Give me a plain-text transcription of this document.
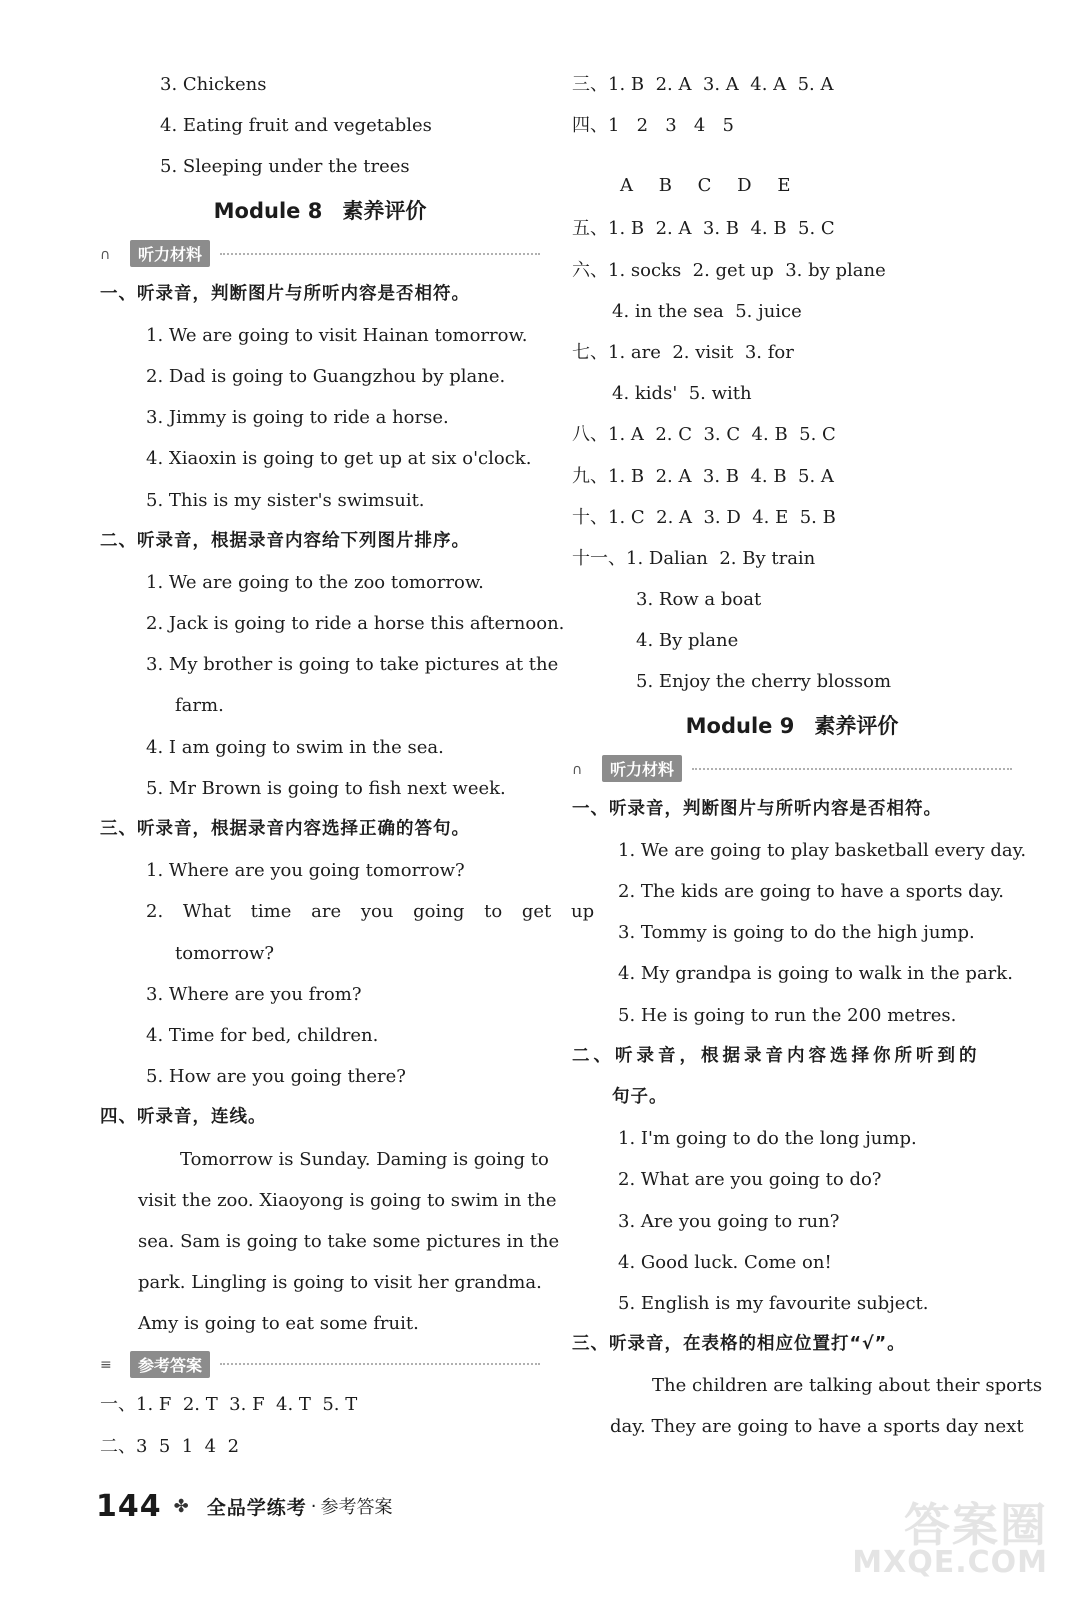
3. Chickens
4. Eating fruit and vegetables
5. Sleeping under the trees
Module 8 素养评价
∩	听力材料
一、听录音，判断图片与所听内容是否相符。
1. We are going to visit Hainan tomorrow.
2. Dad is going to Guangzhou by plane.
3. Jimmy is going to ride a horse.
4. Xiaoxin is going to get up at six o'clock.
5. This is my sister's swimsuit.
二、听录音，根据录音内容给下列图片排序。
1. We are going to the zoo tomorrow.
2. Jack is going to ride a horse this afternoon.
3. My brother is going to take pictures at the
farm.
4. I am going to swim in the sea.
5. Mr Brown is going to fish next week.
三、听录音，根据录音内容选择正确的答句。
1. Where are you going tomorrow?
2. What time are you going to get up
tomorrow?
3. Where are you from?
4. Time for bed, children.
5. How are you going there?
四、听录音，连线。
Tomorrow is Sunday. Daming is going to
visit the zoo. Xiaoyong is going to swim in the
sea. Sam is going to take some pictures in the
park. Lingling is going to visit her grandma.
Amy is going to eat some fruit.
≡	参考答案
一、1. F  2. T  3. F  4. T  5. T
二、3  5  1  4  2
三、1. B  2. A  3. A  4. A  5. A
四、1   2   3   4   5
A B C D E
五、1. B  2. A  3. B  4. B  5. C
六、1. socks  2. get up  3. by plane
4. in the sea  5. juice
七、1. are  2. visit  3. for
4. kids'  5. with
八、1. A  2. C  3. C  4. B  5. C
九、1. B  2. A  3. B  4. B  5. A
十、1. C  2. A  3. D  4. E  5. B
十一、1. Dalian  2. By train
3. Row a boat
4. By plane
5. Enjoy the cherry blossom
Module 9 素养评价
∩	听力材料
一、听录音，判断图片与所听内容是否相符。
1. We are going to play basketball every day.
2. The kids are going to have a sports day.
3. Tommy is going to do the high jump.
4. My grandpa is going to walk in the park.
5. He is going to run the 200 metres.
二、听录音，根据录音内容选择你所听到的
句子。
1. I'm going to do the long jump.
2. What are you going to do?
3. Are you going to run?
4. Good luck. Come on!
5. English is my favourite subject.
三、听录音，在表格的相应位置打“√”。
The children are talking about their sports
day. They are going to have a sports day next
144 ✤ 全品学练考 · 参考答案	答案圈
MXQE.COM
